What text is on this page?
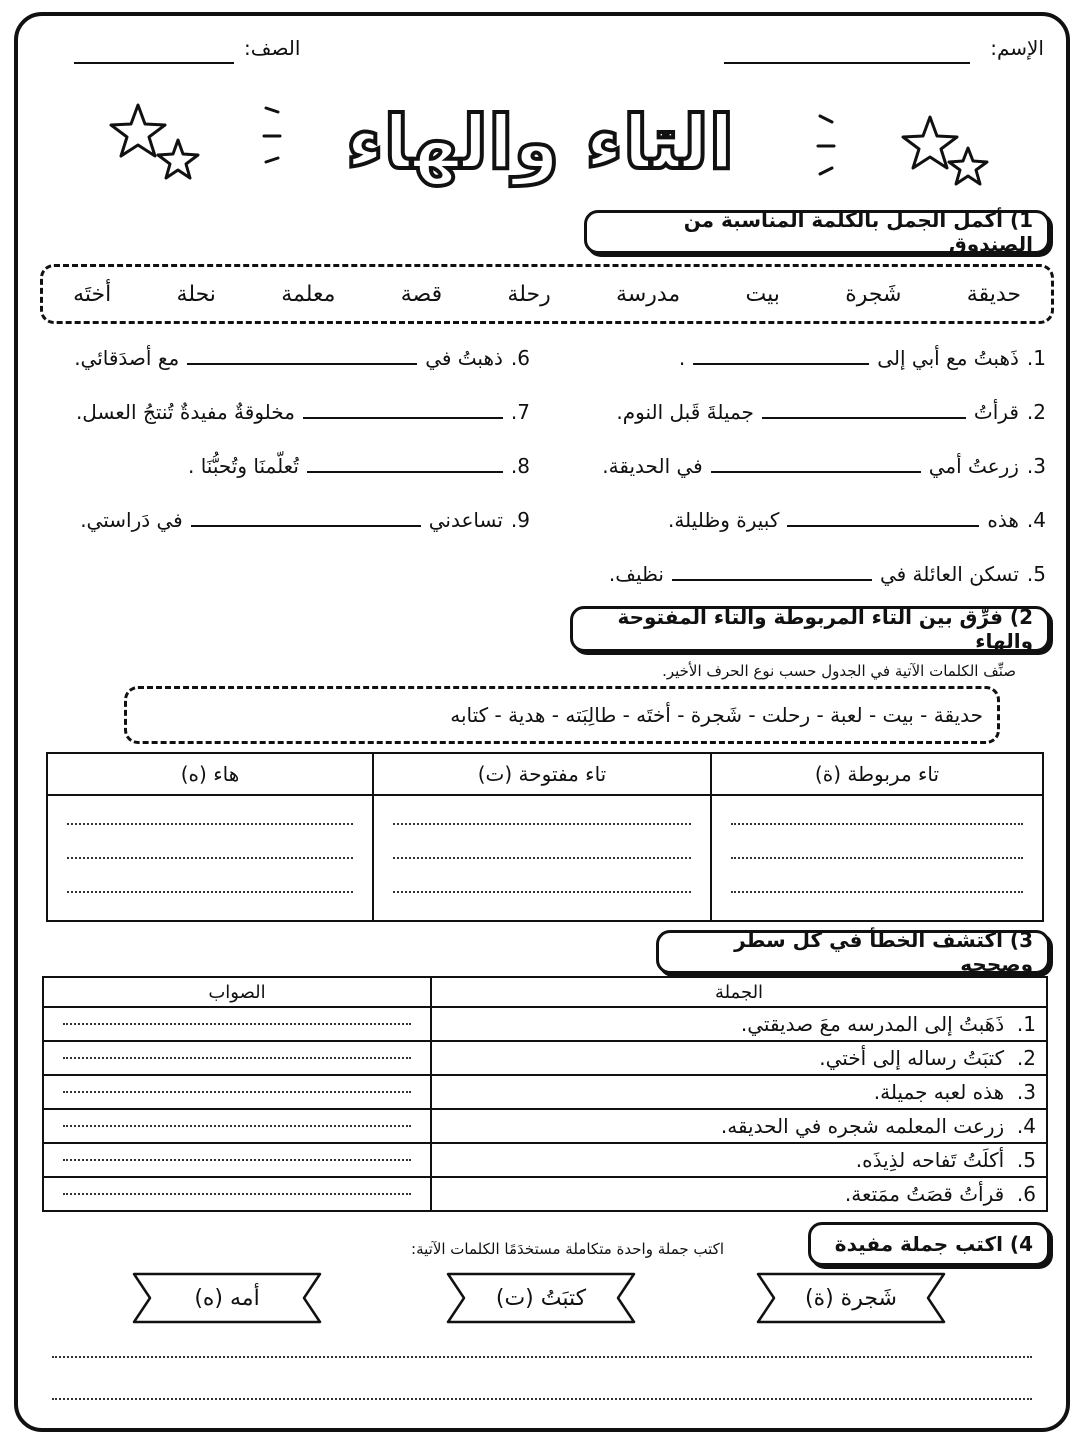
الإسم:
الصف:
التاء والهاء
1) أكمل الجمل بالكلمة المناسبة من الصندوق
حديقة
شَجرة
بيت
مدرسة
رحلة
قصة
معلمة
نحلة
أختَه
1.
ذَهبتُ مع أبي إلى
.
2.
قرأتُ
جميلةَ قَبل النوم.
3.
زرعتُ أمي
في الحديقة.
4.
هذه
كبيرة وظليلة.
5.
تسكن العائلة في
نظيف.
6.
ذهبتُ في
مع أصدَقائي.
7.
مخلوقةٌ مفيدةٌ تُنتجُ العسل.
8.
تُعلّمنَا وتُحبُّنَا .
9.
تساعدني
في دَراستي.
2) فرِّق بين التاء المربوطة والتاء المفتوحة والهاء
صنِّف الكلمات الآتية في الجدول حسب نوع الحرف الأخير.
حديقة - بيت - لعبة - رحلت - شَجرة - أختَه - طالِبَته - هدية - كتابه
تاء مربوطة (ة)	تاء مفتوحة (ت)	هاء (ه)

3) اكتشف الخطأ في كل سطر وصححه
الجملة	الصواب
1.  ذَهَبتُ إلى المدرسه معَ صديقتي.	

2.  كتبَتُ رساله إلى أختي.	

3.  هذه لعبه جميلة.	

4.  زرعت المعلمه شجره في الحديقه.	

5.  أكلَتُ تَفاحه لذِيذَه.	

6.  قرأتُ قصَتُ ممَتعة.	
4) اكتب جملة مفيدة
اكتب جملة واحدة متكاملة مستخدَمًا الكلمات الآتية:
شَجرة (ة)
كتبَتُ (ت)
أمه (ه)
